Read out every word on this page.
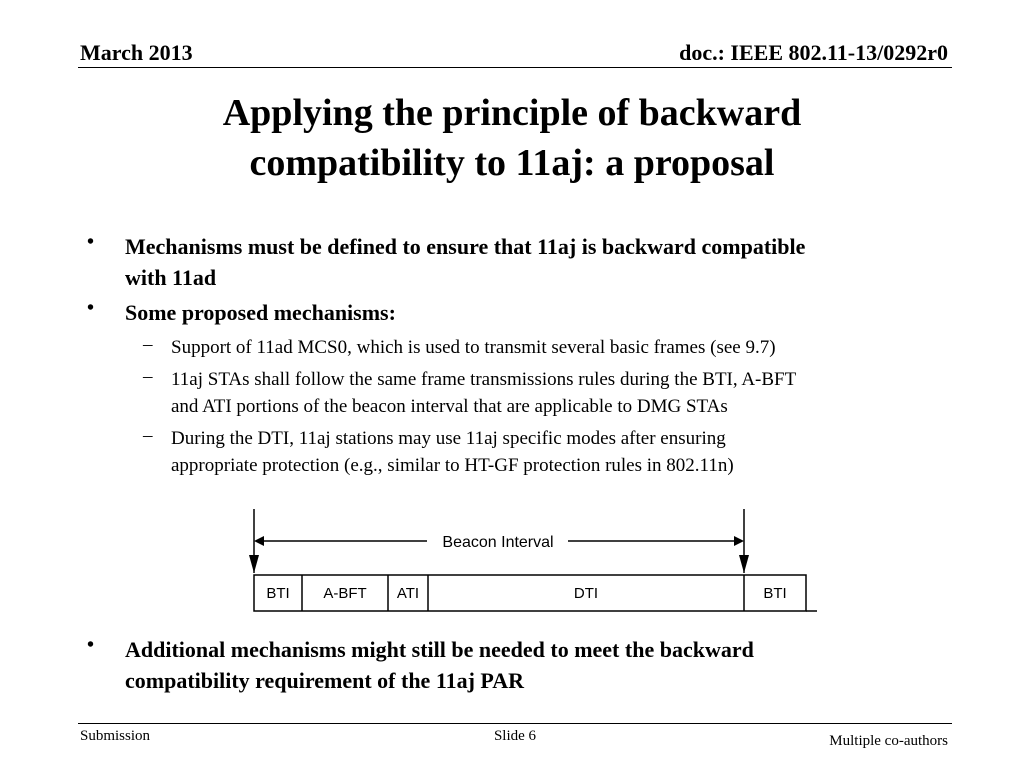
March 2013	doc.: IEEE 802.11-13/0292r0
Applying the principle of backward
compatibility to 11aj: a proposal
• Mechanisms must be defined to ensure that 11aj is backward compatible
with 11ad
• Some proposed mechanisms:
– Support of 11ad MCS0, which is used to transmit several basic frames (see 9.7)
– 11aj STAs shall follow the same frame transmissions rules during the BTI, A-BFT
and ATI portions of the beacon interval that are applicable to DMG STAs
– During the DTI, 11aj stations may use 11aj specific modes after ensuring
appropriate protection (e.g., similar to HT-GF protection rules in 802.11n)
Beacon Interval
BTI A-BFT ATI	DTI	BTI
• Additional mechanisms might still be needed to meet the backward
compatibility requirement of the 11aj PAR
Submission	Slide 6	Multiple co-authors
